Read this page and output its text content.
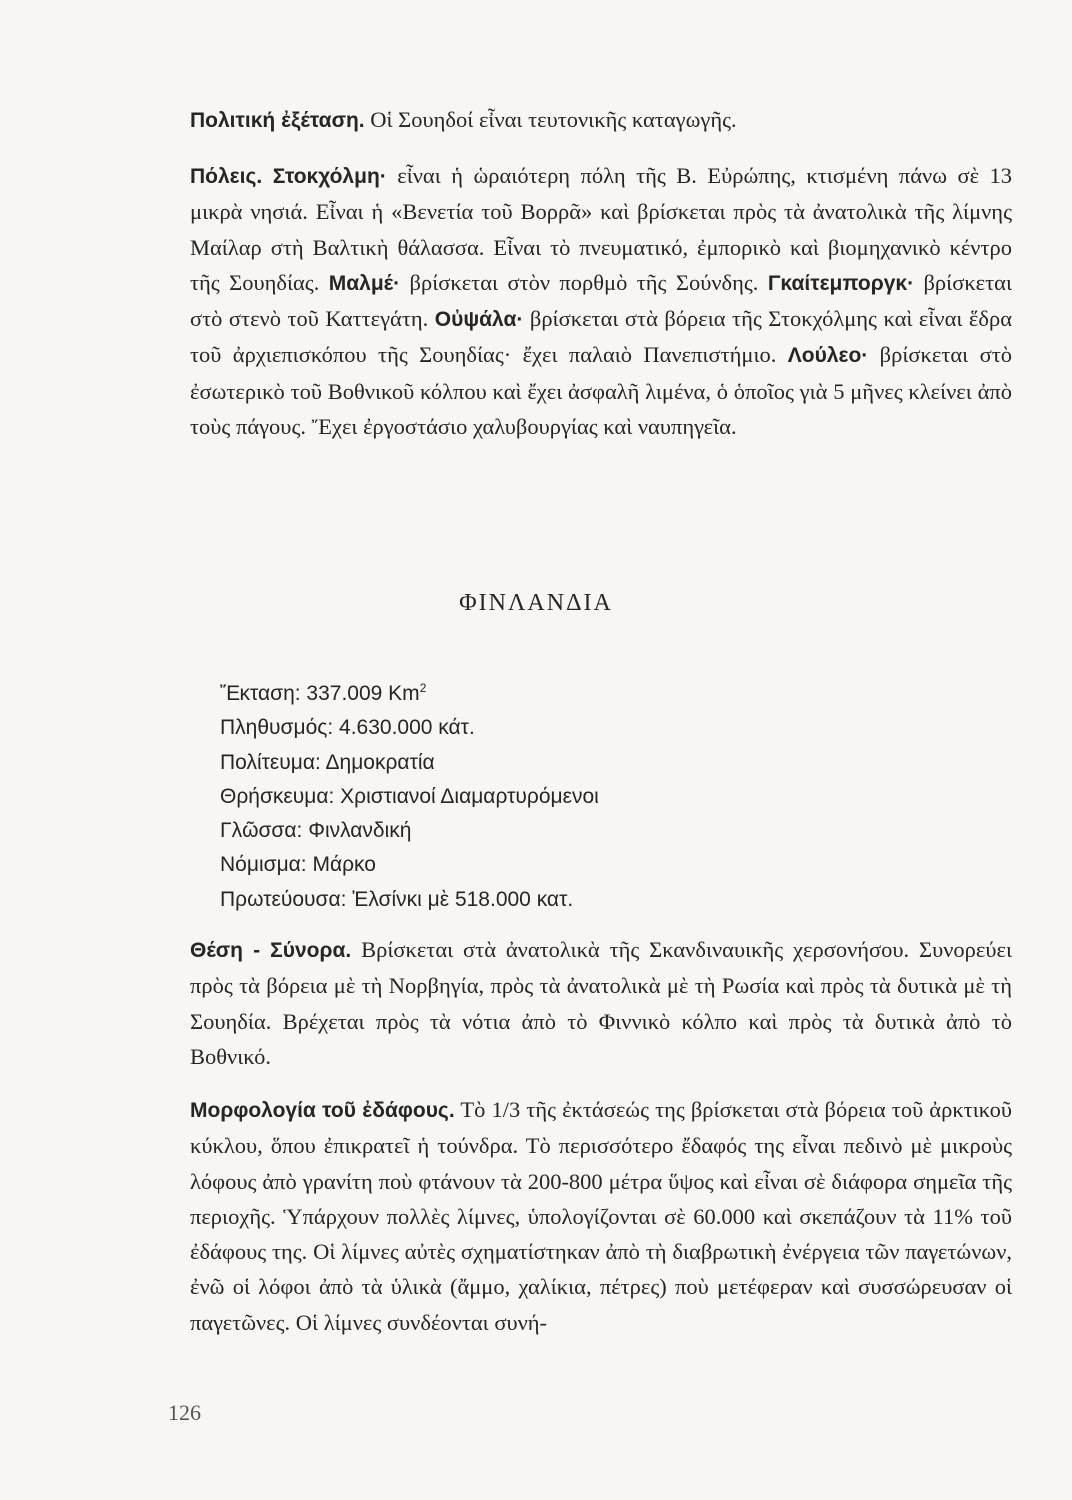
Πολιτική ἐξέταση. Οἱ Σουηδοί εἶναι τευτονικῆς καταγωγῆς.

Πόλεις. Στοκχόλμη· εἶναι ἡ ὡραιότερη πόλη τῆς Β. Εὐρώπης, κτισμένη πάνω σὲ 13 μικρὰ νησιά. Εἶναι ἡ «Βενετία τοῦ Βορρᾶ» καὶ βρίσκεται πρὸς τὰ ἀνατολικὰ τῆς λίμνης Μαίλαρ στὴ Βαλτικὴ θάλασσα. Εἶναι τὸ πνευματικό, ἐμπορικὸ καὶ βιομηχανικὸ κέντρο τῆς Σουηδίας. Μαλμέ· βρίσκεται στὸν πορθμὸ τῆς Σούνδης. Γκαίτεμποργκ· βρίσκεται στὸ στενὸ τοῦ Καττεγάτη. Οὐψάλα· βρίσκεται στὰ βόρεια τῆς Στοκχόλμης καὶ εἶναι ἕδρα τοῦ ἀρχιεπισκόπου τῆς Σουηδίας· ἔχει παλαιὸ Πανεπιστήμιο. Λούλεο· βρίσκεται στὸ ἐσωτερικὸ τοῦ Βοθνικοῦ κόλπου καὶ ἔχει ἀσφαλῆ λιμένα, ὁ ὁποῖος γιὰ 5 μῆνες κλείνει ἀπὸ τοὺς πάγους. Ἔχει ἐργοστάσιο χαλυβουργίας καὶ ναυπηγεῖα.

ΦΙΝΛΑΝΔΙΑ
Ἔκταση: 337.009 Km$^2$
Πληθυσμός: 4.630.000 κάτ.
Πολίτευμα: Δημοκρατία
Θρήσκευμα: Χριστιανοί Διαμαρτυρόμενοι
Γλῶσσα: Φινλανδική
Νόμισμα: Μάρκο
Πρωτεύουσα: Ἐλσίνκι μὲ 518.000 κατ.

Θέση - Σύνορα. Βρίσκεται στὰ ἀνατολικὰ τῆς Σκανδιναυικῆς χερσονήσου. Συνορεύει πρὸς τὰ βόρεια μὲ τὴ Νορβηγία, πρὸς τὰ ἀνατολικὰ μὲ τὴ Ρωσία καὶ πρὸς τὰ δυτικὰ μὲ τὴ Σουηδία. Βρέχεται πρὸς τὰ νότια ἀπὸ τὸ Φιννικὸ κόλπο καὶ πρὸς τὰ δυτικὰ ἀπὸ τὸ Βοθνικό.

Μορφολογία τοῦ ἐδάφους. Τὸ 1/3 τῆς ἐκτάσεώς της βρίσκεται στὰ βόρεια τοῦ ἀρκτικοῦ κύκλου, ὅπου ἐπικρατεῖ ἡ τούνδρα. Τὸ περισσότερο ἔδαφός της εἶναι πεδινὸ μὲ μικροὺς λόφους ἀπὸ γρανίτη ποὺ φτάνουν τὰ 200-800 μέτρα ὕψος καὶ εἶναι σὲ διάφορα σημεῖα τῆς περιοχῆς. Ὑπάρχουν πολλὲς λίμνες, ὑπολογίζονται σὲ 60.000 καὶ σκεπάζουν τὰ 11% τοῦ ἐδάφους της. Οἱ λίμνες αὐτὲς σχηματίστηκαν ἀπὸ τὴ διαβρωτικὴ ἐνέργεια τῶν παγετώνων, ἐνῶ οἱ λόφοι ἀπὸ τὰ ὑλικὰ (ἄμμο, χαλίκια, πέτρες) ποὺ μετέφεραν καὶ συσσώρευσαν οἱ παγετῶνες. Οἱ λίμνες συνδέονται συνή-

126
